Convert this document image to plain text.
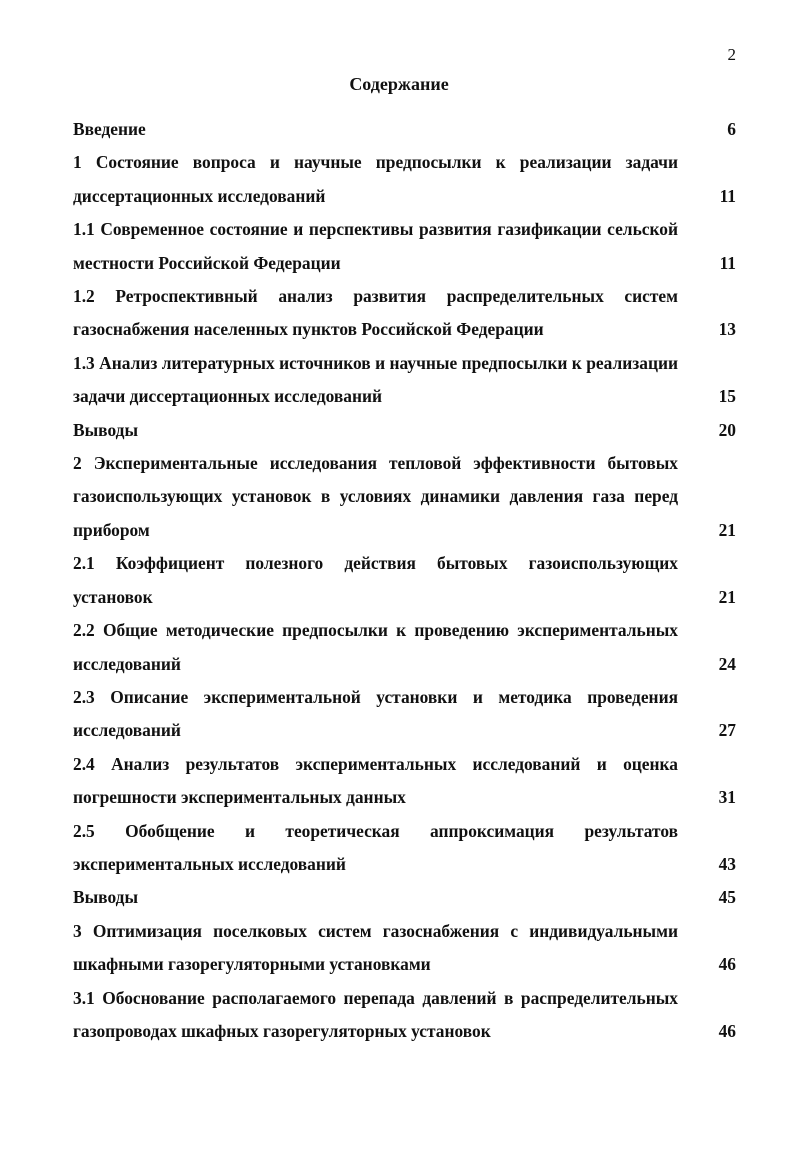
2
Содержание
Введение	6
1 Состояние вопроса и научные предпосылки к реализации задачи диссертационных исследований	11
1.1 Современное состояние и перспективы развития газификации сельской местности Российской Федерации	11
1.2 Ретроспективный анализ развития распределительных систем газоснабжения населенных пунктов Российской Федерации	13
1.3 Анализ литературных источников и научные предпосылки к реализации задачи диссертационных исследований	15
Выводы	20
2 Экспериментальные исследования тепловой эффективности бытовых газоиспользующих установок в условиях динамики давления газа перед прибором	21
2.1 Коэффициент полезного действия бытовых газоиспользующих установок	21
2.2 Общие методические предпосылки к проведению экспериментальных исследований	24
2.3 Описание экспериментальной установки и методика проведения исследований	27
2.4 Анализ результатов экспериментальных исследований и оценка погрешности экспериментальных данных	31
2.5 Обобщение и теоретическая аппроксимация результатов экспериментальных исследований	43
Выводы	45
3 Оптимизация поселковых систем газоснабжения с индивидуальными шкафными газорегуляторными установками	46
3.1 Обоснование располагаемого перепада давлений в распределительных газопроводах шкафных газорегуляторных установок	46
